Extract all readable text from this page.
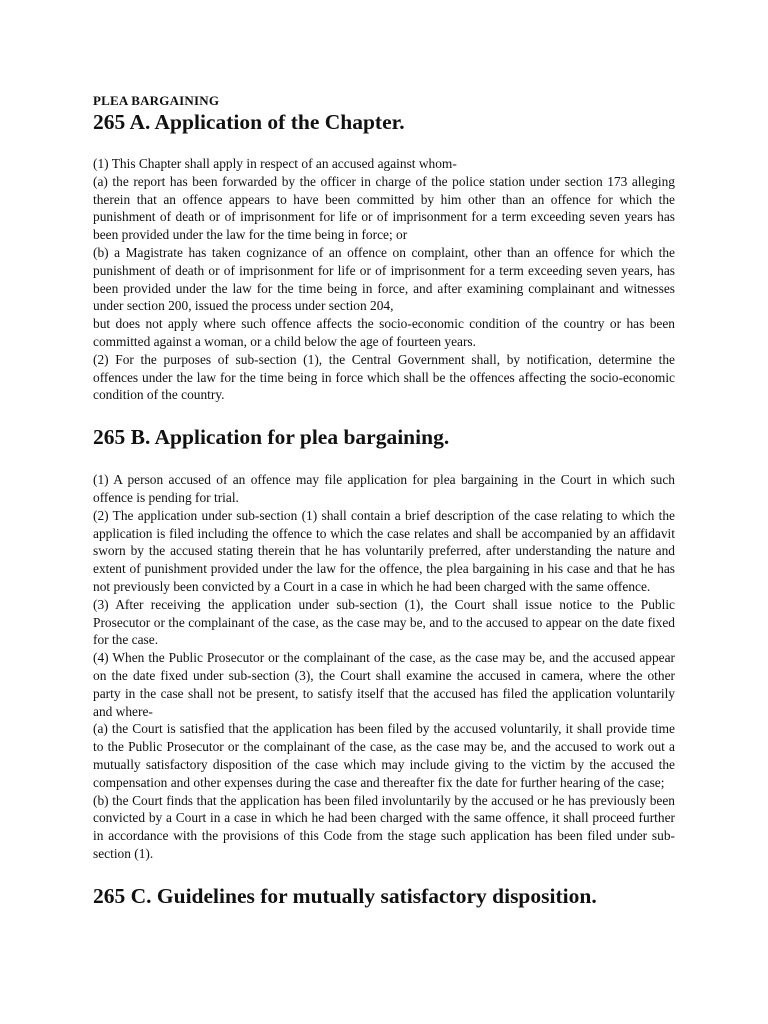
PLEA BARGAINING
265 A. Application of the Chapter.

(1) This Chapter shall apply in respect of an accused against whom-

(a) the report has been forwarded by the officer in charge of the police station under section 173 alleging therein that an offence appears to have been committed by him other than an offence for which the punishment of death or of imprisonment for life or of imprisonment for a term exceeding seven years has been provided under the law for the time being in force; or

(b) a Magistrate has taken cognizance of an offence on complaint, other than an offence for which the punishment of death or of imprisonment for life or of imprisonment for a term exceeding seven years, has been provided under the law for the time being in force, and after examining complainant and witnesses under section 200, issued the process under section 204,

but does not apply where such offence affects the socio-economic condition of the country or has been committed against a woman, or a child below the age of fourteen years.

(2) For the purposes of sub-section (1), the Central Government shall, by notification, determine the offences under the law for the time being in force which shall be the offences affecting the socio-economic condition of the country.

265 B. Application for plea bargaining.

(1) A person accused of an offence may file application for plea bargaining in the Court in which such offence is pending for trial.

(2) The application under sub-section (1) shall contain a brief description of the case relating to which the application is filed including the offence to which the case relates and shall be accompanied by an affidavit sworn by the accused stating therein that he has voluntarily preferred, after understanding the nature and extent of punishment provided under the law for the offence, the plea bargaining in his case and that he has not previously been convicted by a Court in a case in which he had been charged with the same offence.

(3) After receiving the application under sub-section (1), the Court shall issue notice to the Public Prosecutor or the complainant of the case, as the case may be, and to the accused to appear on the date fixed for the case.

(4) When the Public Prosecutor or the complainant of the case, as the case may be, and the accused appear on the date fixed under sub-section (3), the Court shall examine the accused in camera, where the other party in the case shall not be present, to satisfy itself that the accused has filed the application voluntarily and where-

(a) the Court is satisfied that the application has been filed by the accused voluntarily, it shall provide time to the Public Prosecutor or the complainant of the case, as the case may be, and the accused to work out a mutually satisfactory disposition of the case which may include giving to the victim by the accused the compensation and other expenses during the case and thereafter fix the date for further hearing of the case;

(b) the Court finds that the application has been filed involuntarily by the accused or he has previously been convicted by a Court in a case in which he had been charged with the same offence, it shall proceed further in accordance with the provisions of this Code from the stage such application has been filed under sub-section (1).

265 C. Guidelines for mutually satisfactory disposition.
